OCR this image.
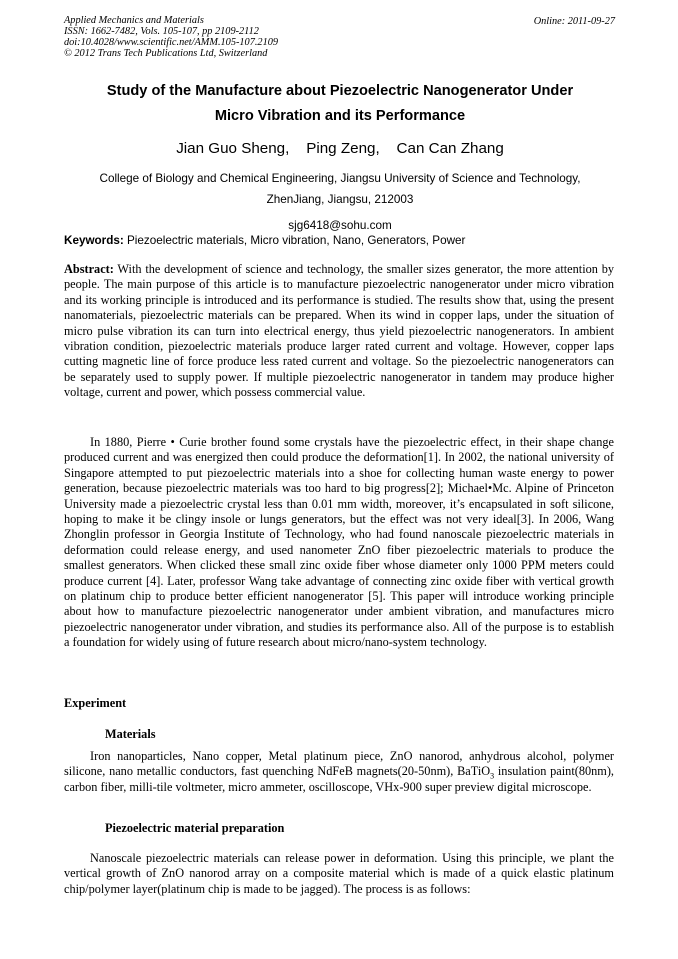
Applied Mechanics and Materials
ISSN: 1662-7482, Vols. 105-107, pp 2109-2112
doi:10.4028/www.scientific.net/AMM.105-107.2109
© 2012 Trans Tech Publications Ltd, Switzerland
Online: 2011-09-27
Study of the Manufacture about Piezoelectric Nanogenerator Under
Micro Vibration and its Performance
Jian Guo Sheng,    Ping Zeng,    Can Can Zhang
College of Biology and Chemical Engineering, Jiangsu University of Science and Technology,
ZhenJiang, Jiangsu, 212003
sjg6418@sohu.com
Keywords: Piezoelectric materials, Micro vibration, Nano, Generators, Power
Abstract: With the development of science and technology, the smaller sizes generator, the more attention by people. The main purpose of this article is to manufacture piezoelectric nanogenerator under micro vibration and its working principle is introduced and its performance is studied. The results show that, using the present nanomaterials, piezoelectric materials can be prepared. When its wind in copper laps, under the situation of micro pulse vibration its can turn into electrical energy, thus yield piezoelectric nanogenerators. In ambient vibration condition, piezoelectric materials produce larger rated current and voltage. However, copper laps cutting magnetic line of force produce less rated current and voltage. So the piezoelectric nanogenerators can be separately used to supply power. If multiple piezoelectric nanogenerator in tandem may produce higher voltage, current and power, which possess commercial value.
In 1880, Pierre • Curie brother found some crystals have the piezoelectric effect, in their shape change produced current and was energized then could produce the deformation[1]. In 2002, the national university of Singapore attempted to put piezoelectric materials into a shoe for collecting human waste energy to power generation, because piezoelectric materials was too hard to big progress[2]; Michael•Mc. Alpine of Princeton University made a piezoelectric crystal less than 0.01 mm width, moreover, it’s encapsulated in soft silicone, hoping to make it be clingy insole or lungs generators, but the effect was not very ideal[3]. In 2006, Wang Zhonglin professor in Georgia Institute of Technology, who had found nanoscale piezoelectric materials in deformation could release energy, and used nanometer ZnO fiber piezoelectric materials to produce the smallest generators. When clicked these small zinc oxide fiber whose diameter only 1000 PPM meters could produce current [4]. Later, professor Wang take advantage of connecting zinc oxide fiber with vertical growth on platinum chip to produce better efficient nanogenerator [5]. This paper will introduce working principle about how to manufacture piezoelectric nanogenerator under ambient vibration, and manufactures micro piezoelectric nanogenerator under vibration, and studies its performance also. All of the purpose is to establish a foundation for widely using of future research about micro/nano-system technology.
Experiment
Materials
Iron nanoparticles, Nano copper, Metal platinum piece, ZnO nanorod, anhydrous alcohol, polymer silicone, nano metallic conductors, fast quenching NdFeB magnets(20-50nm), BaTiO$_3$ insulation paint(80nm), carbon fiber, milli-tile voltmeter, micro ammeter, oscilloscope, VHx-900 super preview digital microscope.
Piezoelectric material preparation
Nanoscale piezoelectric materials can release power in deformation. Using this principle, we plant the vertical growth of ZnO nanorod array on a composite material which is made of a quick elastic platinum chip/polymer layer(platinum chip is made to be jagged). The process is as follows:
